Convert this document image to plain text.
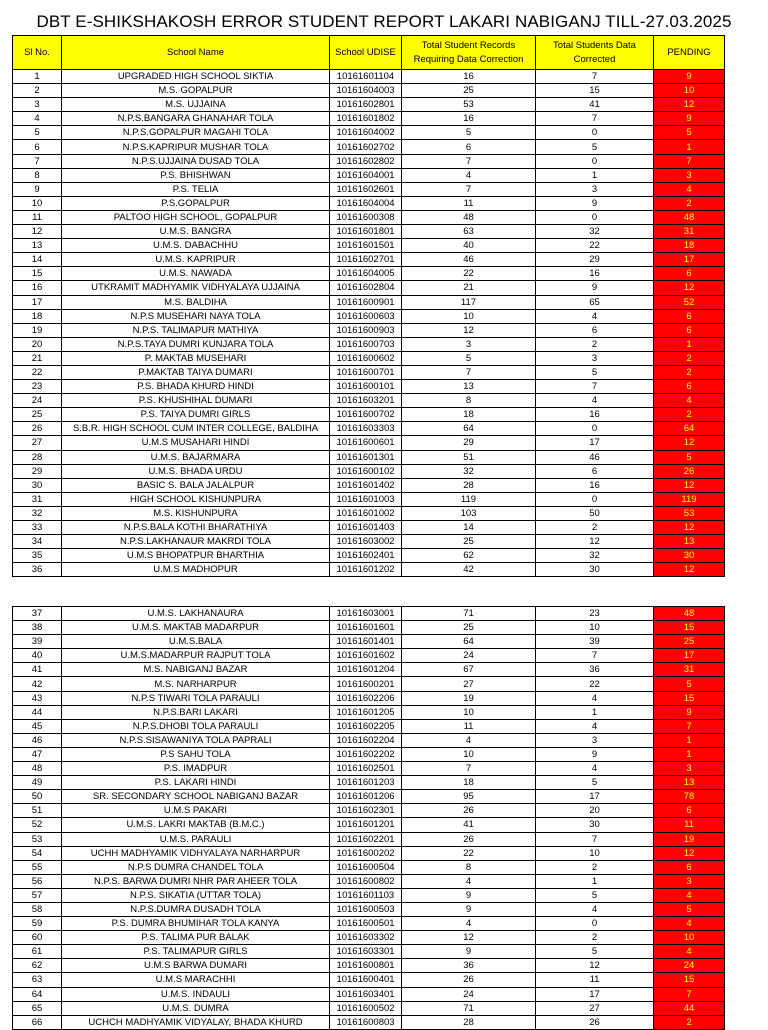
DBT E-SHIKSHAKOSH ERROR STUDENT REPORT LAKARI NABIGANJ TILL-27.03.2025
Sl No.	School Name	School UDISE	Total Student Records Requiring Data Correction	Total Students Data Corrected	PENDING
1	UPGRADED HIGH SCHOOL SIKTIA	10161601104	16	7	9
2	M.S. GOPALPUR	10161604003	25	15	10
3	M.S. UJJAINA	10161602801	53	41	12
4	N.P.S.BANGARA GHANAHAR TOLA	10161601802	16	7	9
5	N.P.S.GOPALPUR MAGAHI TOLA	10161604002	5	0	5
6	N.P.S.KAPRIPUR MUSHAR TOLA	10161602702	6	5	1
7	N.P.S.UJJAINA DUSAD TOLA	10161602802	7	0	7
8	P.S. BHISHWAN	10161604001	4	1	3
9	P.S. TELIA	10161602601	7	3	4
10	P.S.GOPALPUR	10161604004	11	9	2
11	PALTOO HIGH SCHOOL, GOPALPUR	10161600308	48	0	48
12	U.M.S. BANGRA	10161601801	63	32	31
13	U.M.S. DABACHHU	10161601501	40	22	18
14	U.M.S. KAPRIPUR	10161602701	46	29	17
15	U.M.S. NAWADA	10161604005	22	16	6
16	UTKRAMIT MADHYAMIK VIDHYALAYA UJJAINA	10161602804	21	9	12
17	M.S. BALDIHA	10161600901	117	65	52
18	N.P.S MUSEHARI NAYA TOLA	10161600603	10	4	6
19	N.P.S. TALIMAPUR MATHIYA	10161600903	12	6	6
20	N.P.S.TAYA DUMRI KUNJARA TOLA	10161600703	3	2	1
21	P. MAKTAB MUSEHARI	10161600602	5	3	2
22	P.MAKTAB TAIYA DUMARI	10161600701	7	5	2
23	P.S. BHADA KHURD HINDI	10161600101	13	7	6
24	P.S. KHUSHIHAL DUMARI	10161603201	8	4	4
25	P.S. TAIYA DUMRI GIRLS	10161600702	18	16	2
26	S.B.R. HIGH SCHOOL CUM INTER COLLEGE, BALDIHA	10161603303	64	0	64
27	U.M.S MUSAHARI HINDI	10161600601	29	17	12
28	U.M.S. BAJARMARA	10161601301	51	46	5
29	U.M.S. BHADA URDU	10161600102	32	6	26
30	BASIC S. BALA JALALPUR	10161601402	28	16	12
31	HIGH SCHOOL KISHUNPURA	10161601003	119	0	119
32	M.S. KISHUNPURA	10161601002	103	50	53
33	N.P.S.BALA KOTHI BHARATHIYA	10161601403	14	2	12
34	N.P.S.LAKHANAUR MAKRDI TOLA	10161603002	25	12	13
35	U.M.S BHOPATPUR BHARTHIA	10161602401	62	32	30
36	U.M.S MADHOPUR	10161601202	42	30	12
37	U.M.S. LAKHANAURA	10161603001	71	23	48
38	U.M.S. MAKTAB MADARPUR	10161601601	25	10	15
39	U.M.S.BALA	10161601401	64	39	25
40	U.M.S.MADARPUR RAJPUT TOLA	10161601602	24	7	17
41	M.S. NABIGANJ BAZAR	10161601204	67	36	31
42	M.S. NARHARPUR	10161600201	27	22	5
43	N.P.S TIWARI TOLA PARAULI	10161602206	19	4	15
44	N.P.S.BARI LAKARI	10161601205	10	1	9
45	N.P.S.DHOBI TOLA PARAULI	10161602205	11	4	7
46	N.P.S.SISAWANIYA TOLA PAPRALI	10161602204	4	3	1
47	P.S SAHU TOLA	10161602202	10	9	1
48	P.S. IMADPUR	10161602501	7	4	3
49	P.S. LAKARI HINDI	10161601203	18	5	13
50	SR. SECONDARY SCHOOL NABIGANJ BAZAR	10161601206	95	17	78
51	U.M.S PAKARI	10161602301	26	20	6
52	U.M.S. LAKRI MAKTAB (B.M.C.)	10161601201	41	30	11
53	U.M.S. PARAULI	10161602201	26	7	19
54	UCHH MADHYAMIK VIDHYALAYA NARHARPUR	10161600202	22	10	12
55	N.P.S DUMRA CHANDEL TOLA	10161600504	8	2	6
56	N.P.S. BARWA DUMRI NHR PAR AHEER TOLA	10161600802	4	1	3
57	N.P.S. SIKATIA (UTTAR TOLA)	10161601103	9	5	4
58	N.P.S.DUMRA DUSADH TOLA	10161600503	9	4	5
59	P.S. DUMRA BHUMIHAR TOLA KANYA	10161600501	4	0	4
60	P.S. TALIMA PUR BALAK	10161603302	12	2	10
61	P.S. TALIMAPUR GIRLS	10161603301	9	5	4
62	U.M.S BARWA DUMARI	10161600801	36	12	24
63	U.M.S MARACHHI	10161600401	26	11	15
64	U.M.S. INDAULI	10161603401	24	17	7
65	U.M.S. DUMRA	10161600502	71	27	44
66	UCHCH MADHYAMIK VIDYALAY, BHADA KHURD	10161600803	28	26	2
